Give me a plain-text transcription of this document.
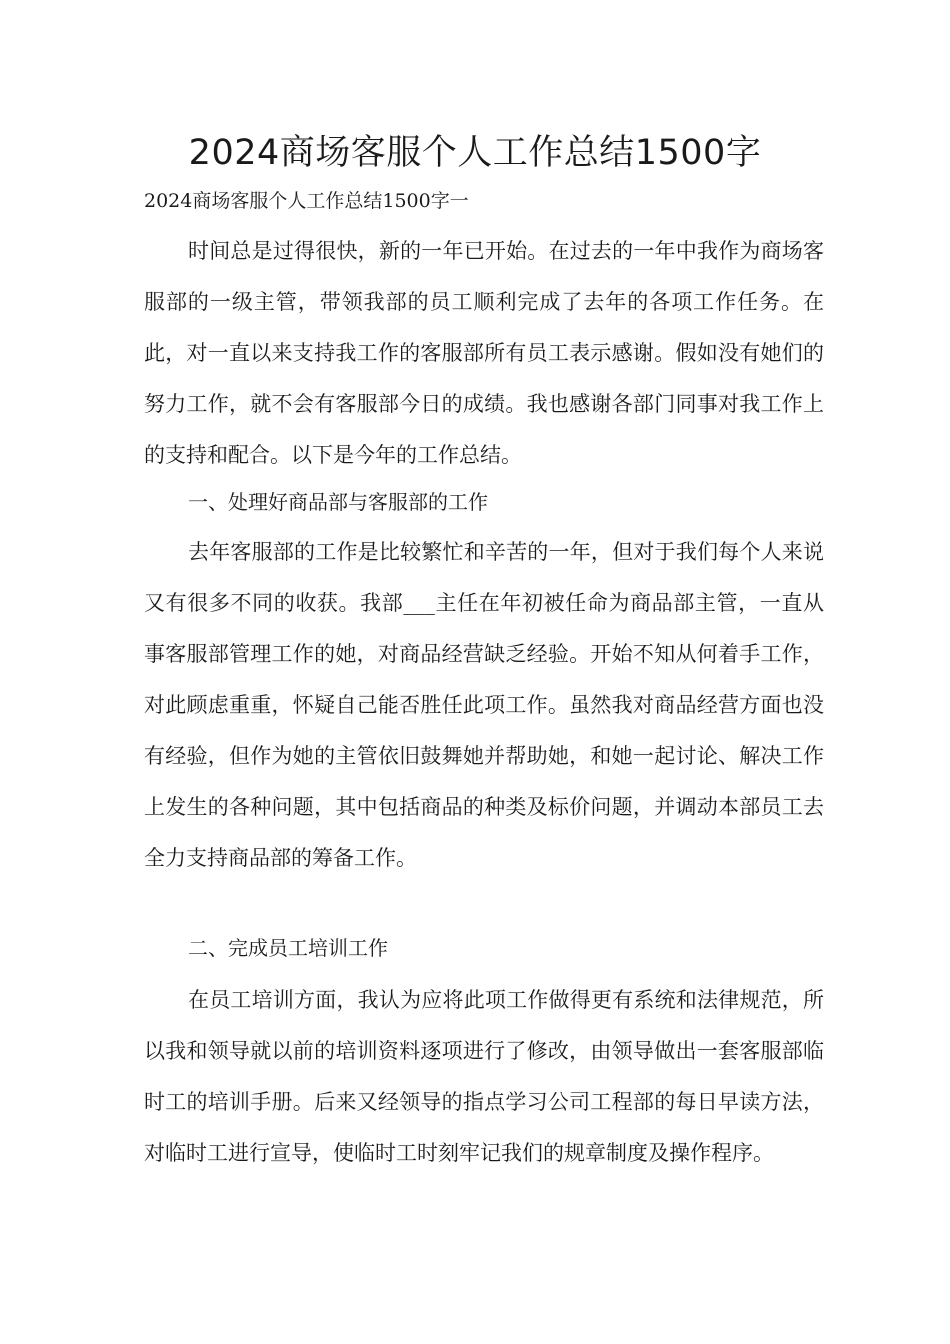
2024商场客服个人工作总结1500字

2024商场客服个人工作总结1500字一

时间总是过得很快，新的一年已开始。在过去的一年中我作为商场客服部的一级主管，带领我部的员工顺利完成了去年的各项工作任务。在此，对一直以来支持我工作的客服部所有员工表示感谢。假如没有她们的努力工作，就不会有客服部今日的成绩。我也感谢各部门同事对我工作上的支持和配合。以下是今年的工作总结。

一、处理好商品部与客服部的工作

去年客服部的工作是比较繁忙和辛苦的一年，但对于我们每个人来说又有很多不同的收获。我部___主任在年初被任命为商品部主管，一直从事客服部管理工作的她，对商品经营缺乏经验。开始不知从何着手工作，对此顾虑重重，怀疑自己能否胜任此项工作。虽然我对商品经营方面也没有经验，但作为她的主管依旧鼓舞她并帮助她，和她一起讨论、解决工作上发生的各种问题，其中包括商品的种类及标价问题，并调动本部员工去全力支持商品部的筹备工作。

二、完成员工培训工作

在员工培训方面，我认为应将此项工作做得更有系统和法律规范，所以我和领导就以前的培训资料逐项进行了修改，由领导做出一套客服部临时工的培训手册。后来又经领导的指点学习公司工程部的每日早读方法，对临时工进行宣导，使临时工时刻牢记我们的规章制度及操作程序。
